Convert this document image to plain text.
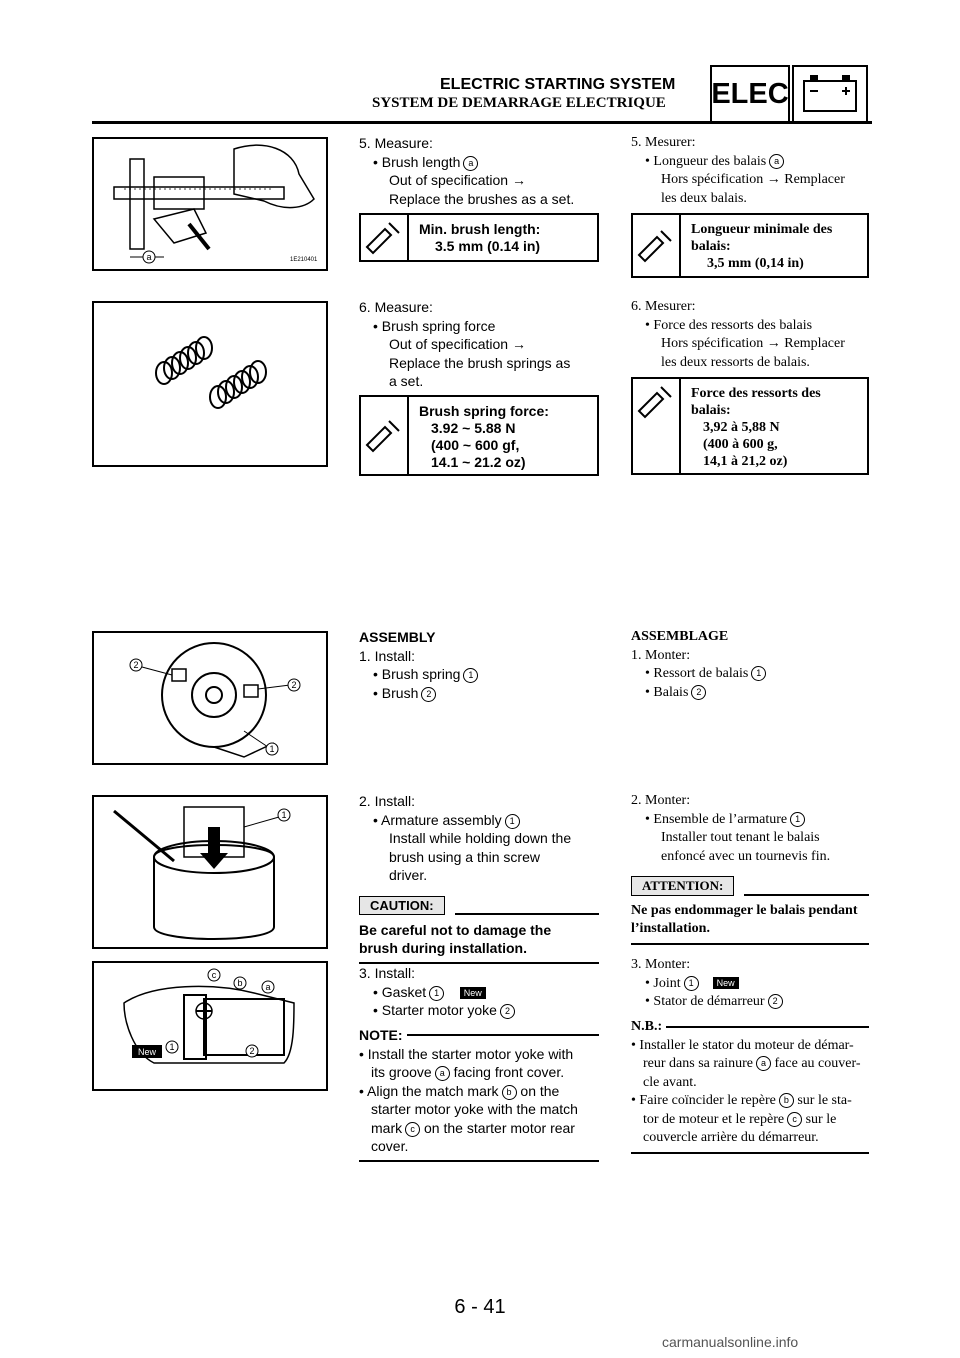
ELECTRIC STARTING SYSTEM
SYSTEM DE DEMARRAGE ELECTRIQUE ELEC
a	1E210401
5. Measure:
• Brush length a
Out of specification →
Replace the brushes as a set.
Min. brush length:
3.5 mm (0.14 in)
5. Mesurer:
• Longueur des balais a
Hors spécification → Remplacer
les deux balais.
Longueur minimale des
balais:
3,5 mm (0,14 in)
6. Measure:
• Brush spring force
Out of specification →
Replace the brush springs as
a set.
Brush spring force:
3.92 ~ 5.88 N
(400 ~ 600 gf,
14.1 ~ 21.2 oz)
6. Mesurer:
• Force des ressorts des balais
Hors spécification → Remplacer
les deux ressorts de balais.
Force des ressorts des
balais:
3,92 à 5,88 N
(400 à 600 g,
14,1 à 21,2 oz)
2
2
1
ASSEMBLY
1. Install:
• Brush spring 1
• Brush 2
ASSEMBLAGE
1. Monter:
• Ressort de balais 1
• Balais 2
1
2. Install:
• Armature assembly 1
Install while holding down the
brush using a thin screw
driver.
CAUTION:
Be careful not to damage the
brush during installation.
2. Monter:
• Ensemble de l’armature 1
Installer tout tenant le balais
enfoncé avec un tournevis fin.
ATTENTION:
Ne pas endommager le balais pendant
l’installation.
New
c
b	a
2
1
3. Install:
• Gasket 1	New
• Starter motor yoke 2
NOTE:
• Install the starter motor yoke with
its groove a facing front cover.
• Align the match mark b on the
starter motor yoke with the match
mark c on the starter motor rear
cover.
3. Monter:
• Joint 1	New
• Stator de démarreur 2
N.B.:
• Installer le stator du moteur de démar-
reur dans sa rainure a face au couver-
cle avant.
• Faire coïncider le repère b sur le sta-
tor de moteur et le repère c sur le
couvercle arrière du démarreur.
6 - 41
carmanualsonline.info
